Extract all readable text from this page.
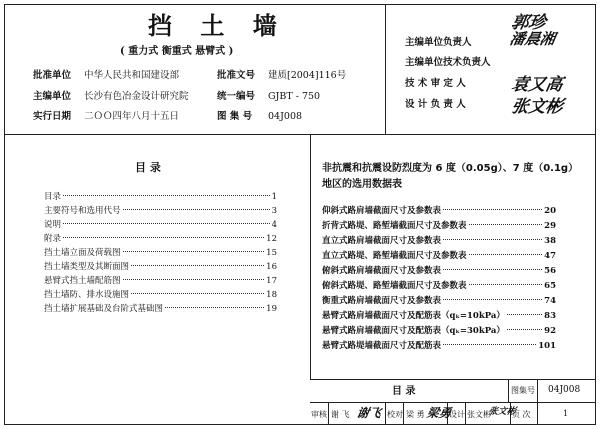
挡 土 墙
( 重力式 衡重式 悬臂式 )
批准单位 中华人民共和国建设部	批准文号 建质[2004]116号
主编单位 长沙有色冶金设计研究院	统一编号 GJBT - 750
实行日期 二ＯＯ四年八月十五日	图 集 号 04J008
主编单位负责人
郭珍
主编单位技术负责人
潘晨湘
技 术 审 定 人	袁又高
设 计 负 责 人	张文彬
目 录
目录	1
主要符号和选用代号	3
说明	4
附录	12
挡土墙立面及荷载图	15
挡土墙类型及其断面图	16
悬臂式挡土墙配筋图	17
挡土墙防、排水设施图	18
挡土墙扩展基础及台阶式基础图	19
非抗震和抗震设防烈度为 6 度（0.05g）、7 度（0.1g）
地区的选用数据表
仰斜式路肩墙截面尺寸及参数表	20
折背式路堤、路堑墙截面尺寸及参数表	29
直立式路肩墙截面尺寸及参数表	38
直立式路堤、路堑墙截面尺寸及参数表	47
俯斜式路肩墙截面尺寸及参数表	56
俯斜式路堤、路堑墙截面尺寸及参数表	65
衡重式路肩墙截面尺寸及参数表	74
悬臂式路肩墙截面尺寸及配筋表（qₖ=10kPa）	83
悬臂式路肩墙截面尺寸及配筋表（qₖ=30kPa）	92
悬臂式路堤墙截面尺寸及配筋表	101
目 录	图集号 04J008
审核 谢 飞 谢飞 校对 梁 勇 梁勇
设计 张文彬
张文彬
页 次	1
